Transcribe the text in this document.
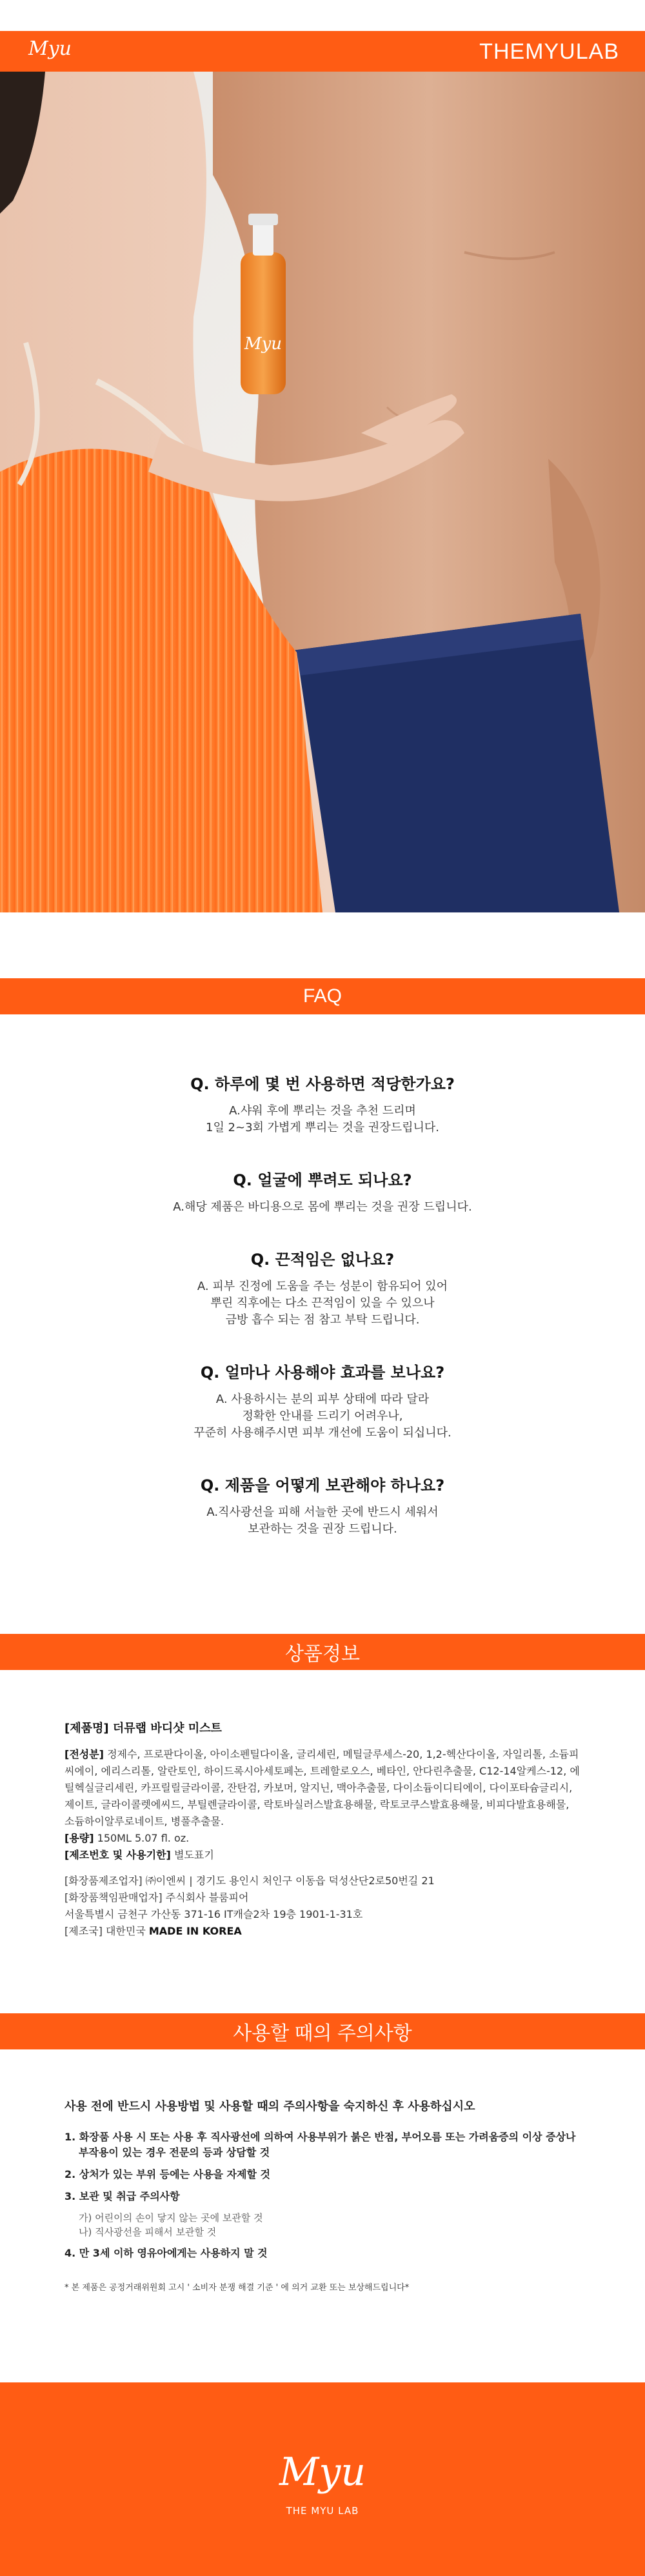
Myu	THEMYULAB
Myu
FAQ
Q. 하루에 몇 번 사용하면 적당한가요?
A.샤워 후에 뿌리는 것을 추천 드리며
1일 2~3회 가볍게 뿌리는 것을 권장드립니다.
Q. 얼굴에 뿌려도 되나요?
A.해당 제품은 바디용으로 몸에 뿌리는 것을 권장 드립니다.
Q. 끈적임은 없나요?
A. 피부 진정에 도움을 주는 성분이 함유되어 있어
뿌린 직후에는 다소 끈적임이 있을 수 있으나
금방 흡수 되는 점 참고 부탁 드립니다.
Q. 얼마나 사용해야 효과를 보나요?
A. 사용하시는 분의 피부 상태에 따라 달라
정확한 안내를 드리기 어려우나,
꾸준히 사용해주시면 피부 개선에 도움이 되십니다.
Q. 제품을 어떻게 보관해야 하나요?
A.직사광선을 피해 서늘한 곳에 반드시 세워서
보관하는 것을 권장 드립니다.
상품정보
[제품명] 더뮤랩 바디샷 미스트
[전성분] 정제수, 프로판다이올, 아이소펜틸다이올, 글리세린, 메틸글루세스-20, 1,2-헥산다이올, 자일리톨, 소듐피씨에이, 에리스리톨, 알란토인, 하이드록시아세토페논, 트레할로오스, 베타인, 안다린추출물, C12-14알케스-12, 에틸헥실글리세린, 카프릴릴글라이콜, 잔탄검, 카보머, 알지닌, 맥아추출물, 다이소듐이디티에이, 다이포타슘글리시, 제이트, 글라이콜렛에씨드, 부틸렌글라이콜, 락토바실러스발효용해물, 락토코쿠스발효용해물, 비피다발효용해물, 소듐하이알루로네이트, 병풀추출물.
[용량] 150ML 5.07 fl. oz.
[제조번호 및 사용기한] 별도표기
[화장품제조업자] ㈜이엔씨 | 경기도 용인시 처인구 이동읍 덕성산단2로50번길 21
[화장품책임판매업자] 주식회사 블룸피어
서울특별시 금천구 가산동 371-16 IT캐슬2차 19층 1901-1-31호
[제조국] 대한민국 MADE IN KOREA
사용할 때의 주의사항
사용 전에 반드시 사용방법 및 사용할 때의 주의사항을 숙지하신 후 사용하십시오
1. 화장품 사용 시 또는 사용 후 직사광선에 의하여 사용부위가 붉은 반점, 부어오름 또는 가려움증의 이상 증상나 부작용이 있는 경우 전문의 등과 상담할 것
2. 상처가 있는 부위 등에는 사용을 자제할 것
3. 보관 및 취급 주의사항
가) 어린이의 손이 닿지 않는 곳에 보관할 것
나) 직사광선을 피해서 보관할 것
4. 만 3세 이하 영유아에게는 사용하지 말 것
* 본 제품은 공정거래위원회 고시 ' 소비자 분쟁 해결 기준 ' 에 의거 교환 또는 보상해드립니다*
Myu
THE MYU LAB
